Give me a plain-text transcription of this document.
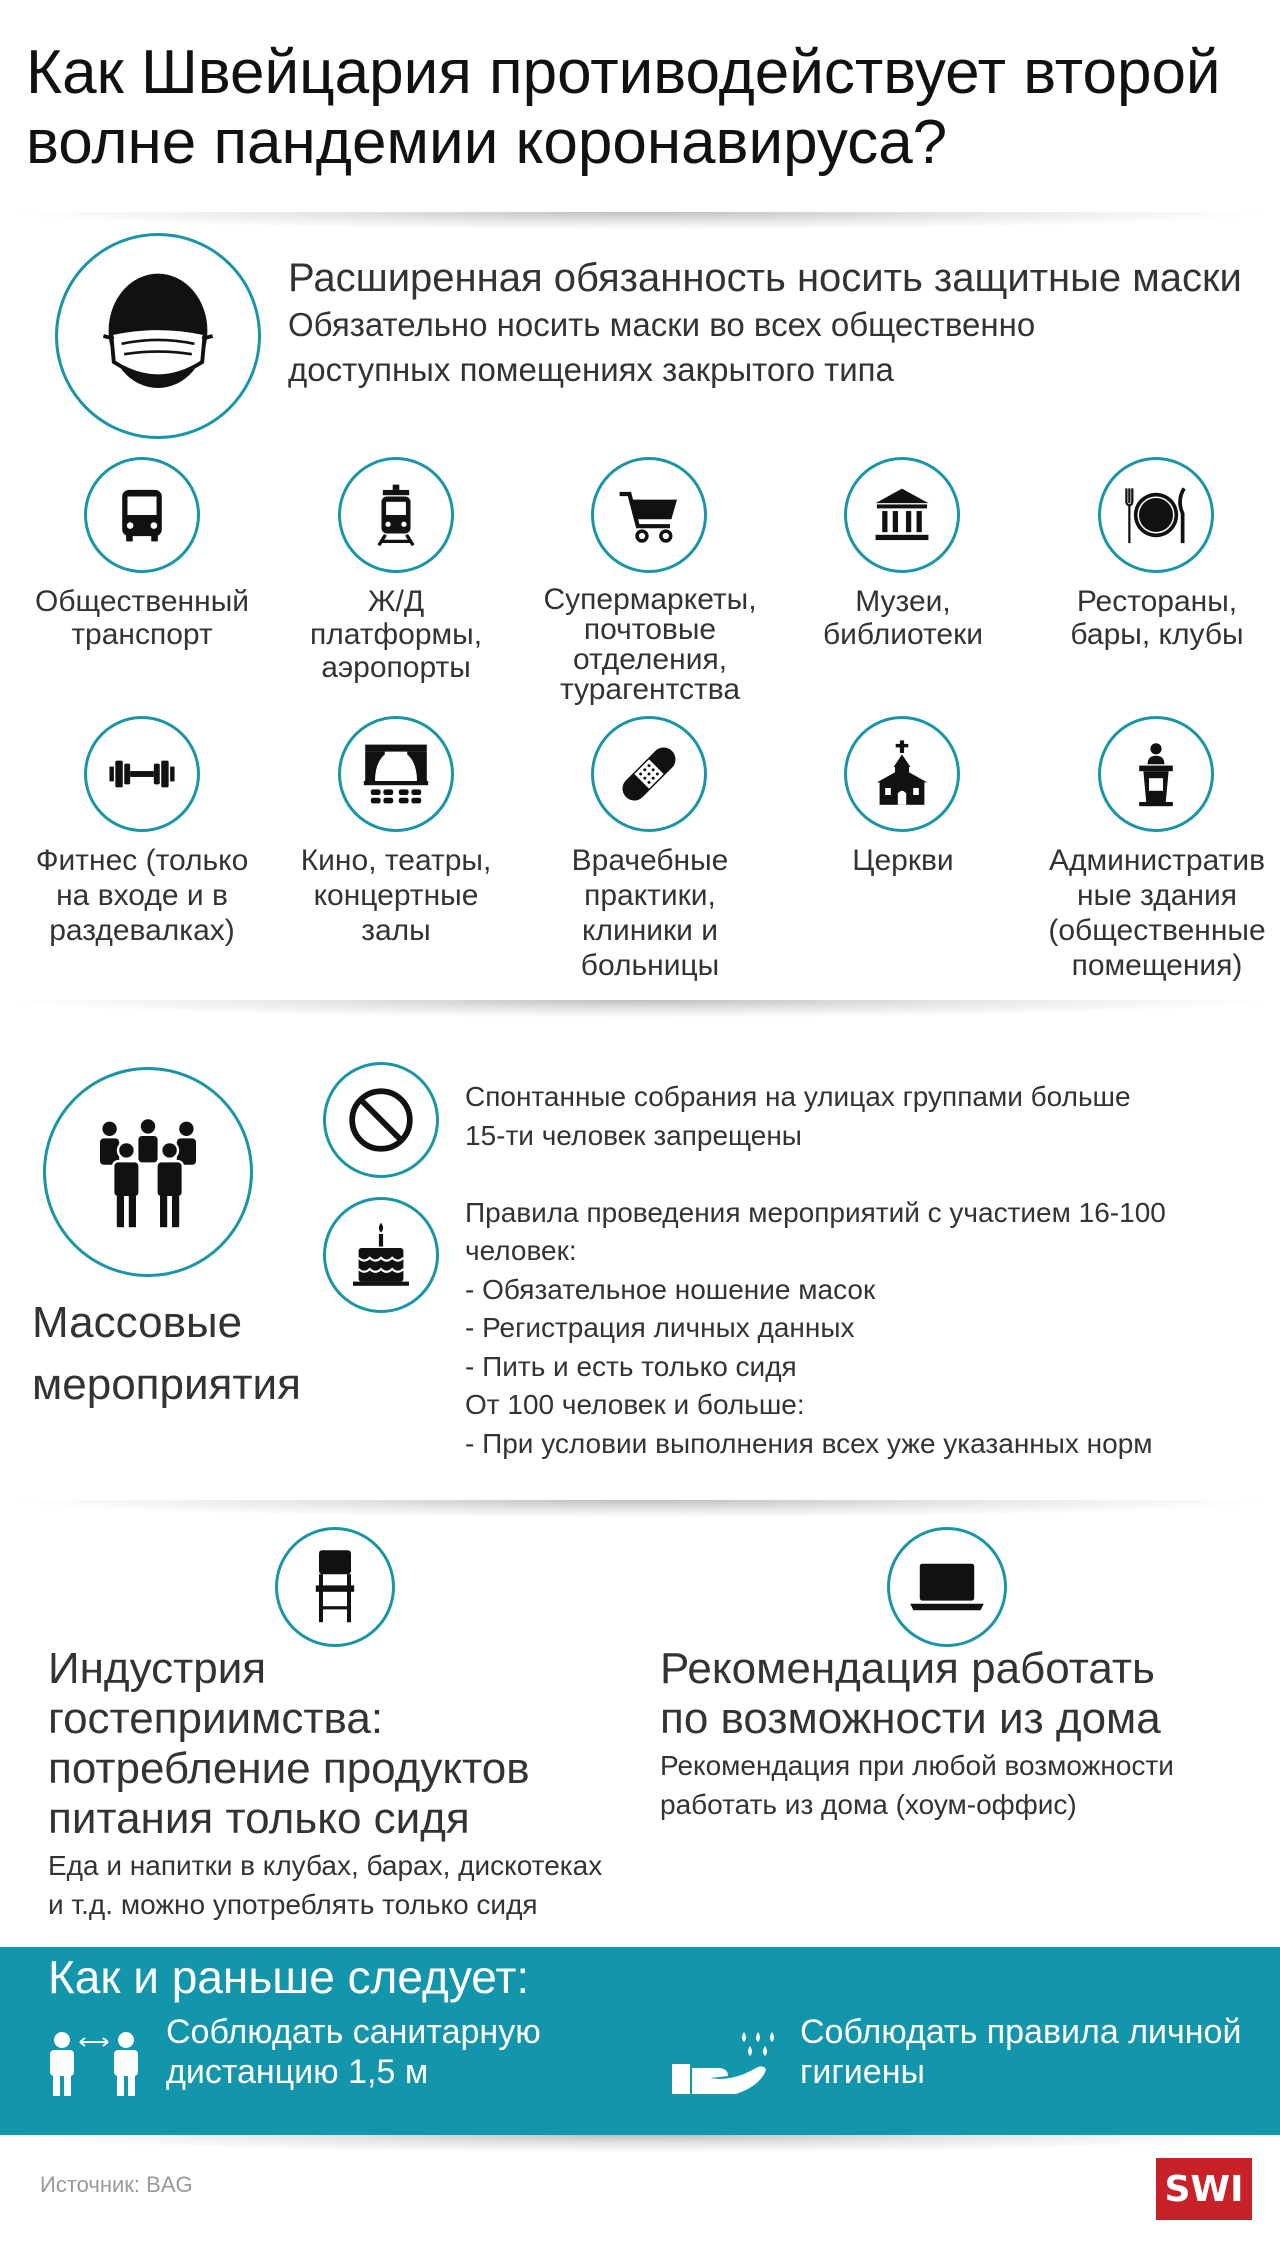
Как Швейцария противодействует второй
волне пандемии коронавируса?
Расширенная обязанность носить защитные маски
Обязательно носить маски во всех общественно
доступных помещениях закрытого типа
Общественный
транспорт
Ж/Д
платформы,
аэропорты
Супермаркеты,
почтовые
отделения,
турагентства
Музеи,
библиотеки
Рестораны,
бары, клубы
Фитнес (только
на входе и в
раздевалках)
Кино, театры,
концертные
залы
Врачебные
практики,
клиники и
больницы
Церкви	Административ
ные здания
(общественные
помещения)
Массовые
мероприятия
Спонтанные собрания на улицах группами больше
15-ти человек запрещены
Правила проведения мероприятий с участием 16-100
человек:
- Обязательное ношение масок
- Регистрация личных данных
- Пить и есть только сидя
От 100 человек и больше:
- При условии выполнения всех уже указанных норм
Индустрия
гостеприимства:
потребление продуктов
питания только сидя
Еда и напитки в клубах, барах, дискотеках
и т.д. можно употреблять только сидя
Рекомендация работать
по возможности из дома
Рекомендация при любой возможности
работать из дома (хоум-оффис)
Как и раньше следует:
Соблюдать санитарную
дистанцию 1,5 м
Соблюдать правила личной
гигиены
Источник: BAG	SWI
